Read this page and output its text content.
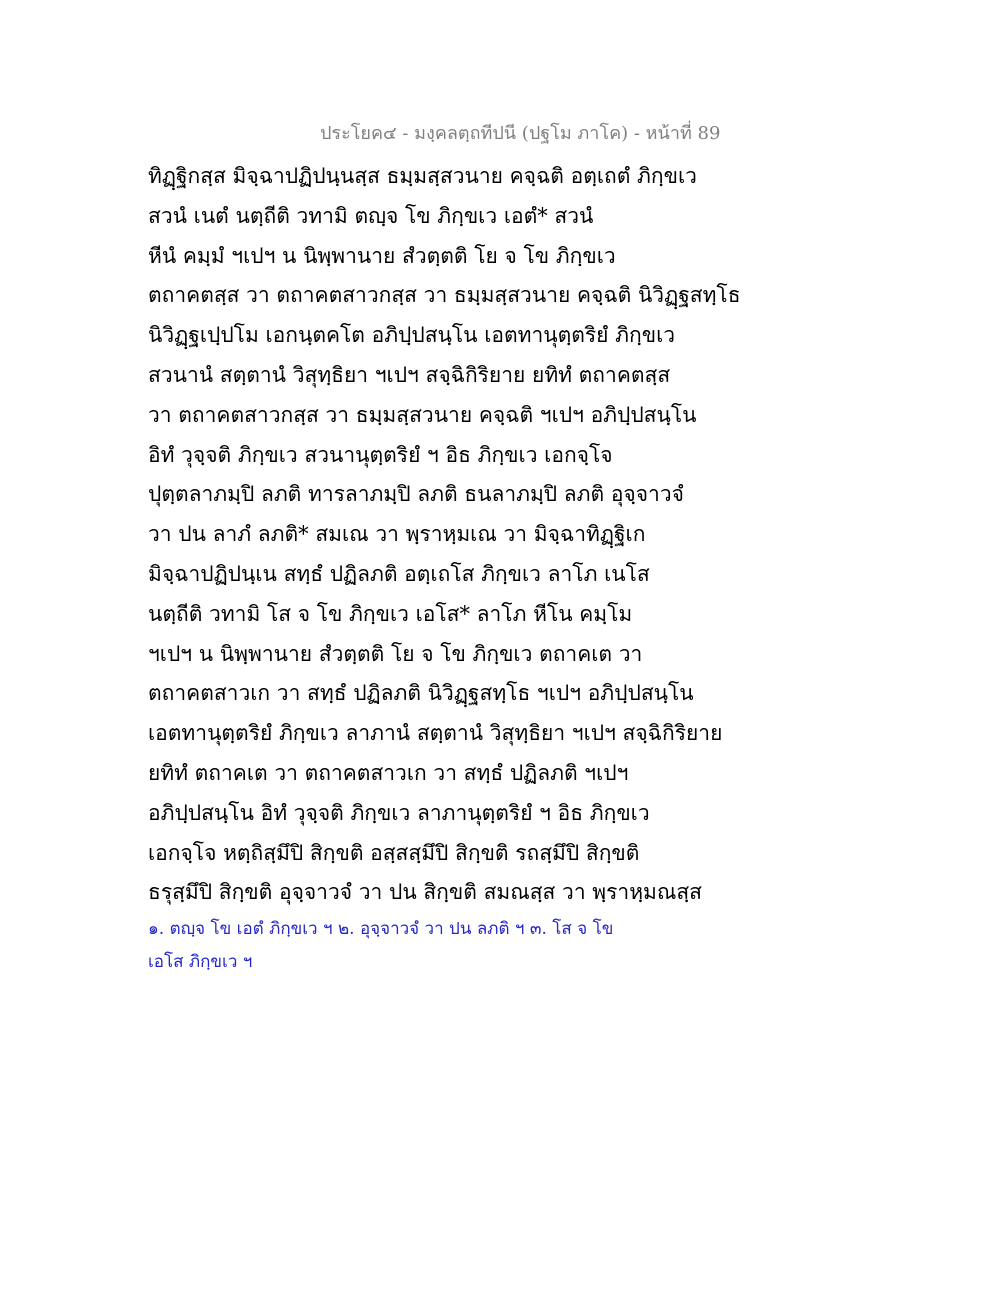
ประโยค๔ - มงฺคลตฺถทีปนี (ปฐโม ภาโค) - หน้าที่ 89
ทิฏฺฐิกสฺส มิจฺฉาปฏิปนฺนสฺส ธมฺมสฺสวนาย คจฺฉติ อตฺเถตํ ภิกฺขเว
สวนํ เนตํ นตฺถีติ วทามิ ตญฺจ โข ภิกฺขเว เอตํ* สวนํ
หีนํ คมฺมํ ฯเปฯ น นิพฺพานาย สํวตฺตติ โย จ โข ภิกฺขเว
ตถาคตสฺส วา ตถาคตสาวกสฺส วา ธมฺมสฺสวนาย คจฺฉติ นิวิฏฺฐสทฺโธ
นิวิฏฺฐเปฺปโม เอกนฺตคโต อภิปฺปสนฺโน เอตทานุตฺตริยํ ภิกฺขเว
สวนานํ สตฺตานํ วิสุทฺธิยา ฯเปฯ สจฺฉิกิริยาย ยทิทํ ตถาคตสฺส
วา ตถาคตสาวกสฺส วา ธมฺมสฺสวนาย คจฺฉติ ฯเปฯ อภิปฺปสนฺโน
อิทํ วุจฺจติ ภิกฺขเว สวนานุตฺตริยํ ฯ อิธ ภิกฺขเว เอกจฺโจ
ปุตฺตลาภมฺปิ ลภติ ทารลาภมฺปิ ลภติ ธนลาภมฺปิ ลภติ อุจฺจาวจํ
วา ปน ลาภํ ลภติ* สมเณ วา พฺราหฺมเณ วา มิจฺฉาทิฏฺฐิเก
มิจฺฉาปฏิปนฺเน สทฺธํ ปฏิลภติ อตฺเถโส ภิกฺขเว ลาโภ เนโส
นตฺถีติ วทามิ โส จ โข ภิกฺขเว เอโส* ลาโภ หีโน คมฺโม
ฯเปฯ น นิพฺพานาย สํวตฺตติ โย จ โข ภิกฺขเว ตถาคเต วา
ตถาคตสาวเก วา สทฺธํ ปฏิลภติ นิวิฏฺฐสทฺโธ ฯเปฯ อภิปฺปสนฺโน
เอตทานุตฺตริยํ ภิกฺขเว ลาภานํ สตฺตานํ วิสุทฺธิยา ฯเปฯ สจฺฉิกิริยาย
ยทิทํ ตถาคเต วา ตถาคตสาวเก วา สทฺธํ ปฏิลภติ ฯเปฯ
อภิปฺปสนฺโน อิทํ วุจฺจติ ภิกฺขเว ลาภานุตฺตริยํ ฯ อิธ ภิกฺขเว
เอกจฺโจ หตฺถิสฺมึปิ สิกฺขติ อสฺสสฺมึปิ สิกฺขติ รถสฺมึปิ สิกฺขติ
ธรุสฺมึปิ สิกฺขติ อุจฺจาวจํ วา ปน สิกฺขติ สมณสฺส วา พฺราหฺมณสฺส
๑. ตญฺจ โข เอตํ ภิกฺขเว ฯ ๒. อุจฺจาวจํ วา ปน ลภติ ฯ ๓. โส จ โข
เอโส ภิกฺขเว ฯ
